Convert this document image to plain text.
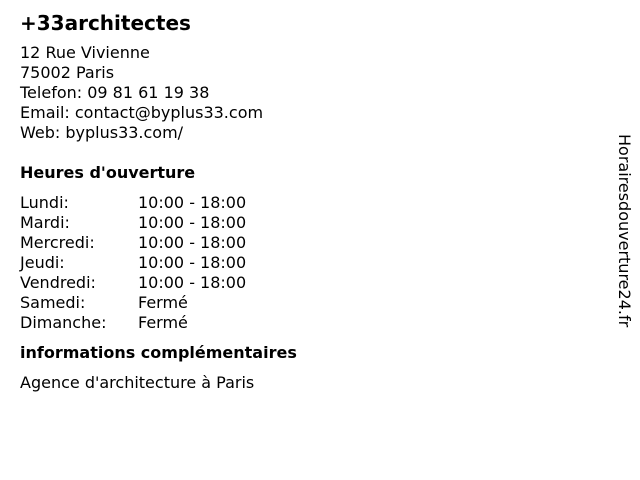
+33architectes
12 Rue Vivienne
75002 Paris
Telefon: 09 81 61 19 38
Email: contact@byplus33.com
Web: byplus33.com/
Heures d'ouverture
Lundi:	10:00 - 18:00
Mardi:	10:00 - 18:00
Mercredi:	10:00 - 18:00
Jeudi:	10:00 - 18:00
Vendredi:	10:00 - 18:00
Samedi:	Fermé
Dimanche:	Fermé
informations complémentaires
Agence d'architecture à Paris
Horairesdouverture24.fr
